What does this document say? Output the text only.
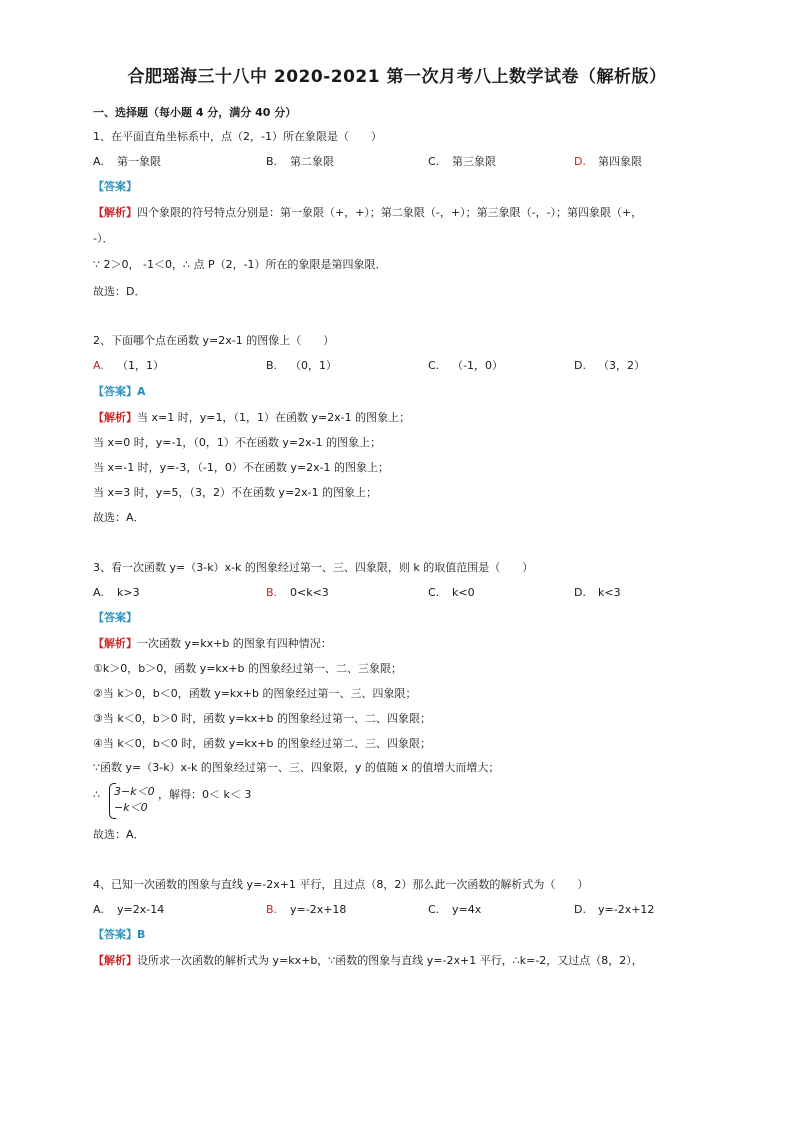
合肥瑶海三十八中 2020-2021 第一次月考八上数学试卷（解析版）
一、选择题（每小题 4 分，满分 40 分）
1、在平面直角坐标系中，点（2，-1）所在象限是（　　）
A. 第一象限	B. 第二象限	C. 第三象限	D. 第四象限
【答案】
【解析】四个象限的符号特点分别是：第一象限（+，+）；第二象限（-，+）；第三象限（-，-）；第四象限（+，
-）．
∵ 2＞0， -1＜0，∴ 点 P（2，-1）所在的象限是第四象限．
故选：D．
2、下面哪个点在函数 y=2x-1 的图像上（　　）
A. （1，1）	B. （0，1）	C. （-1，0）	D. （3，2）
【答案】A
【解析】当 x=1 时，y=1，（1，1）在函数 y=2x-1 的图象上；
当 x=0 时，y=-1，（0，1）不在函数 y=2x-1 的图象上；
当 x=-1 时，y=-3，（-1，0）不在函数 y=2x-1 的图象上；
当 x=3 时，y=5，（3，2）不在函数 y=2x-1 的图象上；
故选：A．
3、看一次函数 y=（3-k）x-k 的图象经过第一、三、四象限，则 k 的取值范围是（　　）
A. k>3	B. 0<k<3	C. k<0	D. k<3
【答案】
【解析】一次函数 y=kx+b 的图象有四种情况：
①k＞0，b＞0，函数 y=kx+b 的图象经过第一、二、三象限；
②当 k＞0，b＜0，函数 y=kx+b 的图象经过第一、三、四象限；
③当 k＜0，b＞0 时，函数 y=kx+b 的图象经过第一、二、四象限；
④当 k＜0，b＜0 时，函数 y=kx+b 的图象经过第二、三、四象限；
∵函数 y=（3-k）x-k 的图象经过第一、三、四象限，y 的值随 x 的值增大而增大；
∴ 3−k＜0
−k＜0
，解得：0＜ k＜ 3
故选：A．
4、已知一次函数的图象与直线 y=-2x+1 平行，且过点（8，2）那么此一次函数的解析式为（　　）
A. y=2x-14	B. y=-2x+18	C. y=4x	D. y=-2x+12
【答案】B
【解析】设所求一次函数的解析式为 y=kx+b，∵函数的图象与直线 y=-2x+1 平行，∴k=-2，又过点（8，2），
